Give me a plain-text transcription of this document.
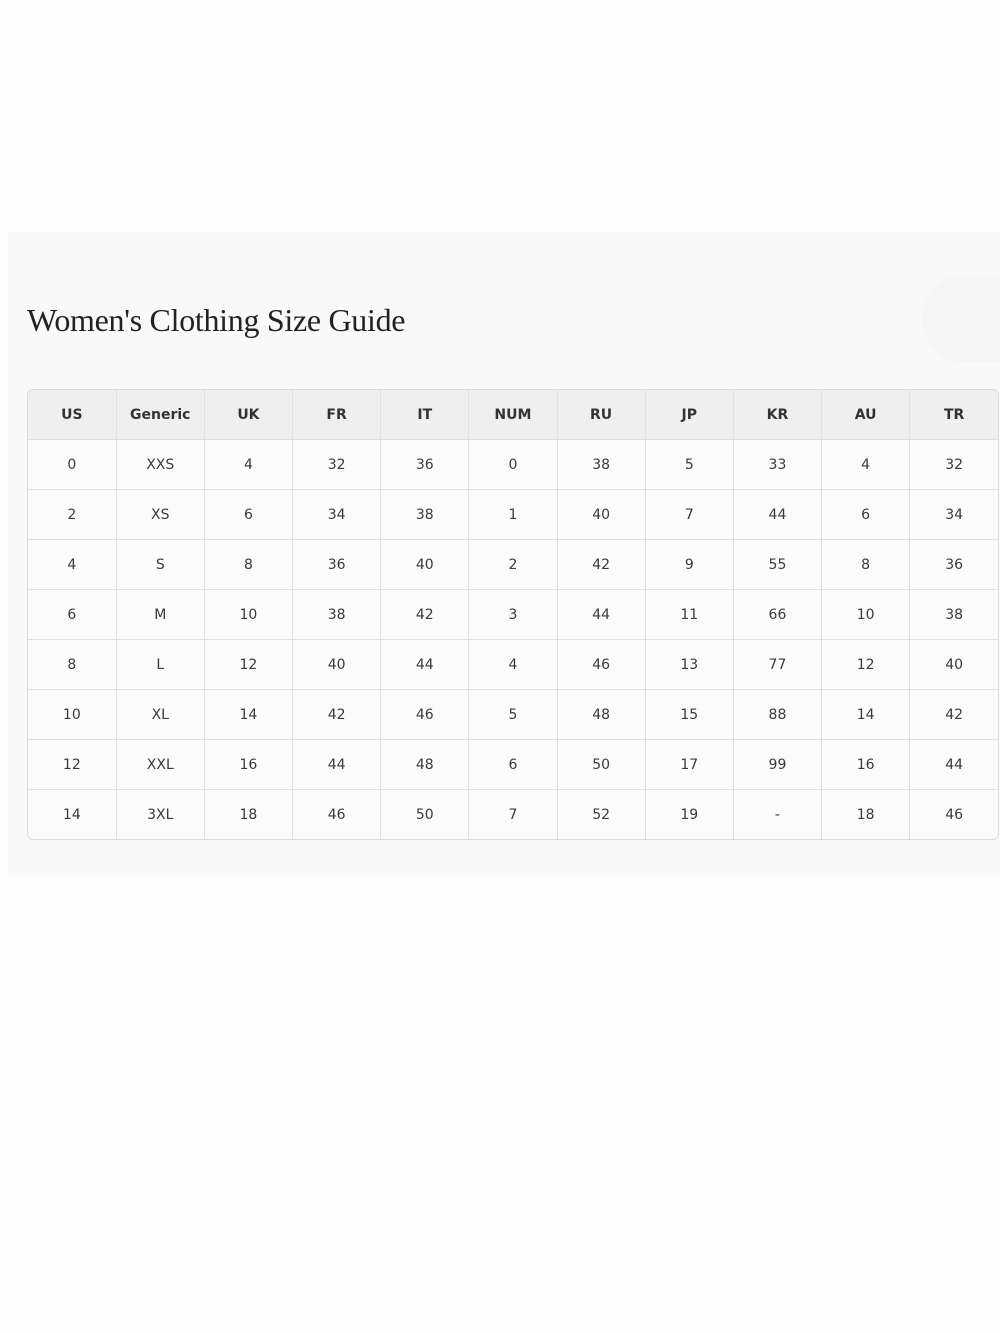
Women's Clothing Size Guide
US	Generic	UK	FR	IT	NUM	RU	JP	KR	AU	TR
0	XXS	4	32	36	0	38	5	33	4	32
2	XS	6	34	38	1	40	7	44	6	34
4	S	8	36	40	2	42	9	55	8	36
6	M	10	38	42	3	44	11	66	10	38
8	L	12	40	44	4	46	13	77	12	40
10	XL	14	42	46	5	48	15	88	14	42
12	XXL	16	44	48	6	50	17	99	16	44
14	3XL	18	46	50	7	52	19	-	18	46
